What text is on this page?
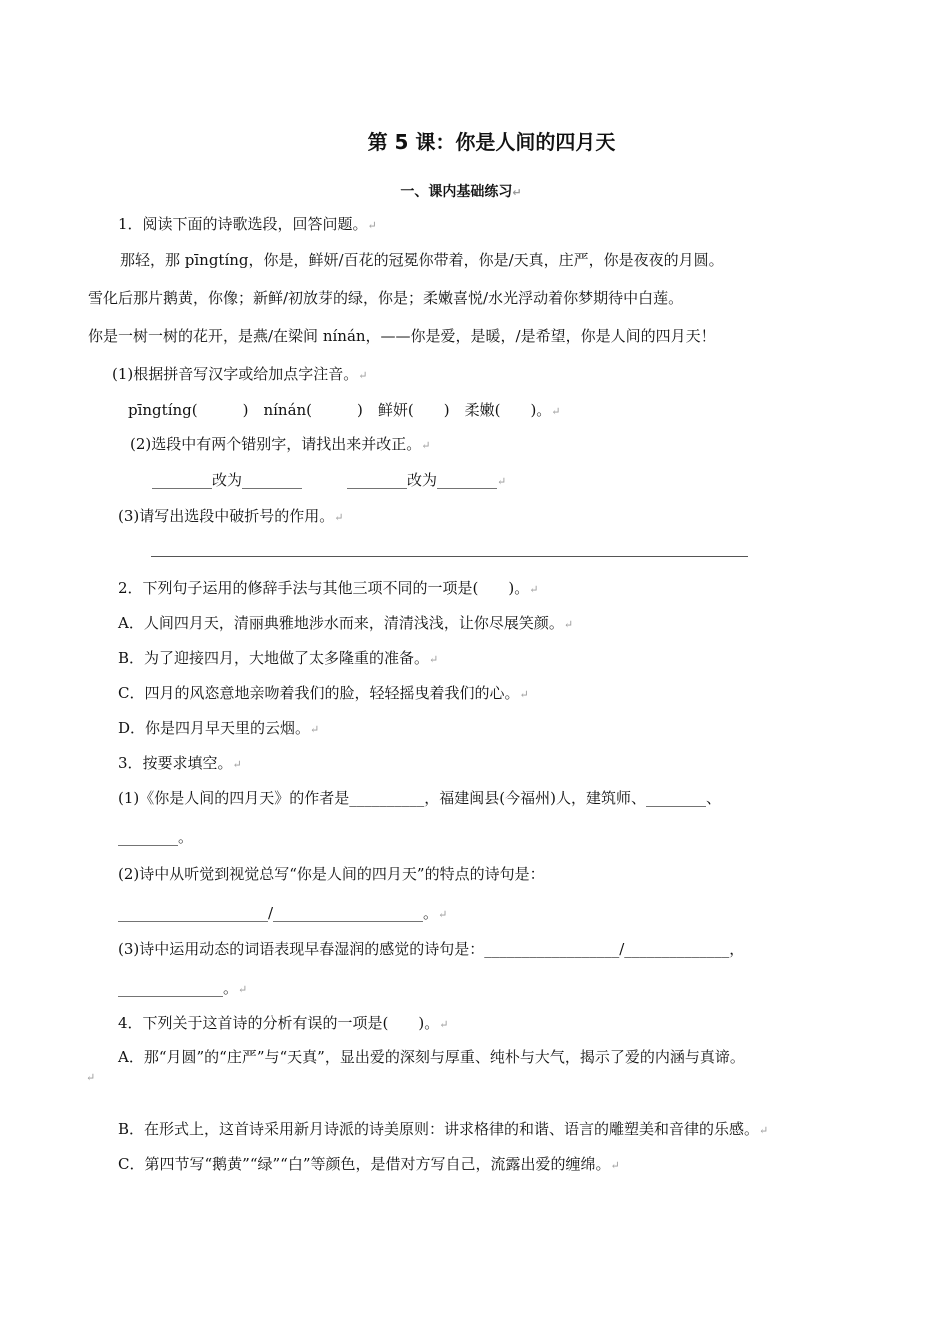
第 5 课：你是人间的四月天
一、课内基础练习↵
1．阅读下面的诗歌选段，回答问题。↵
那轻，那 pīngtíng，你是，鲜妍/百花的冠冕你带着，你是/天真，庄严，你是夜夜的月圆。
雪化后那片鹅黄，你像；新鲜/初放芽的绿，你是；柔嫩喜悦/水光浮动着你梦期待中白莲。
你是一树一树的花开，是燕/在梁间 nínán，——你是爱，是暖，/是希望，你是人间的四月天！
(1)根据拼音写汉字或给加点字注音。↵
pīngtíng(　　　)　nínán(　　　)　鲜妍(　　)　柔嫩(　　)。↵
(2)选段中有两个错别字，请找出来并改正。↵
________改为________　　　________改为________↵
(3)请写出选段中破折号的作用。↵
2．下列句子运用的修辞手法与其他三项不同的一项是(　　)。↵
A．人间四月天，清丽典雅地涉水而来，清清浅浅，让你尽展笑颜。↵
B．为了迎接四月，大地做了太多隆重的准备。↵
C．四月的风恣意地亲吻着我们的脸，轻轻摇曳着我们的心。↵
D．你是四月早天里的云烟。↵
3．按要求填空。↵
(1)《你是人间的四月天》的作者是__________，福建闽县(今福州)人，建筑师、________、
________。
(2)诗中从听觉到视觉总写“你是人间的四月天”的特点的诗句是：
____________________/____________________。↵
(3)诗中运用动态的词语表现早春湿润的感觉的诗句是：__________________/______________，
______________。↵
4．下列关于这首诗的分析有误的一项是(　　)。↵
A．那“月圆”的“庄严”与“天真”，显出爱的深刻与厚重、纯朴与大气，揭示了爱的内涵与真谛。
↵
B．在形式上，这首诗采用新月诗派的诗美原则：讲求格律的和谐、语言的雕塑美和音律的乐感。↵
C．第四节写“鹅黄”“绿”“白”等颜色，是借对方写自己，流露出爱的缠绵。↵
